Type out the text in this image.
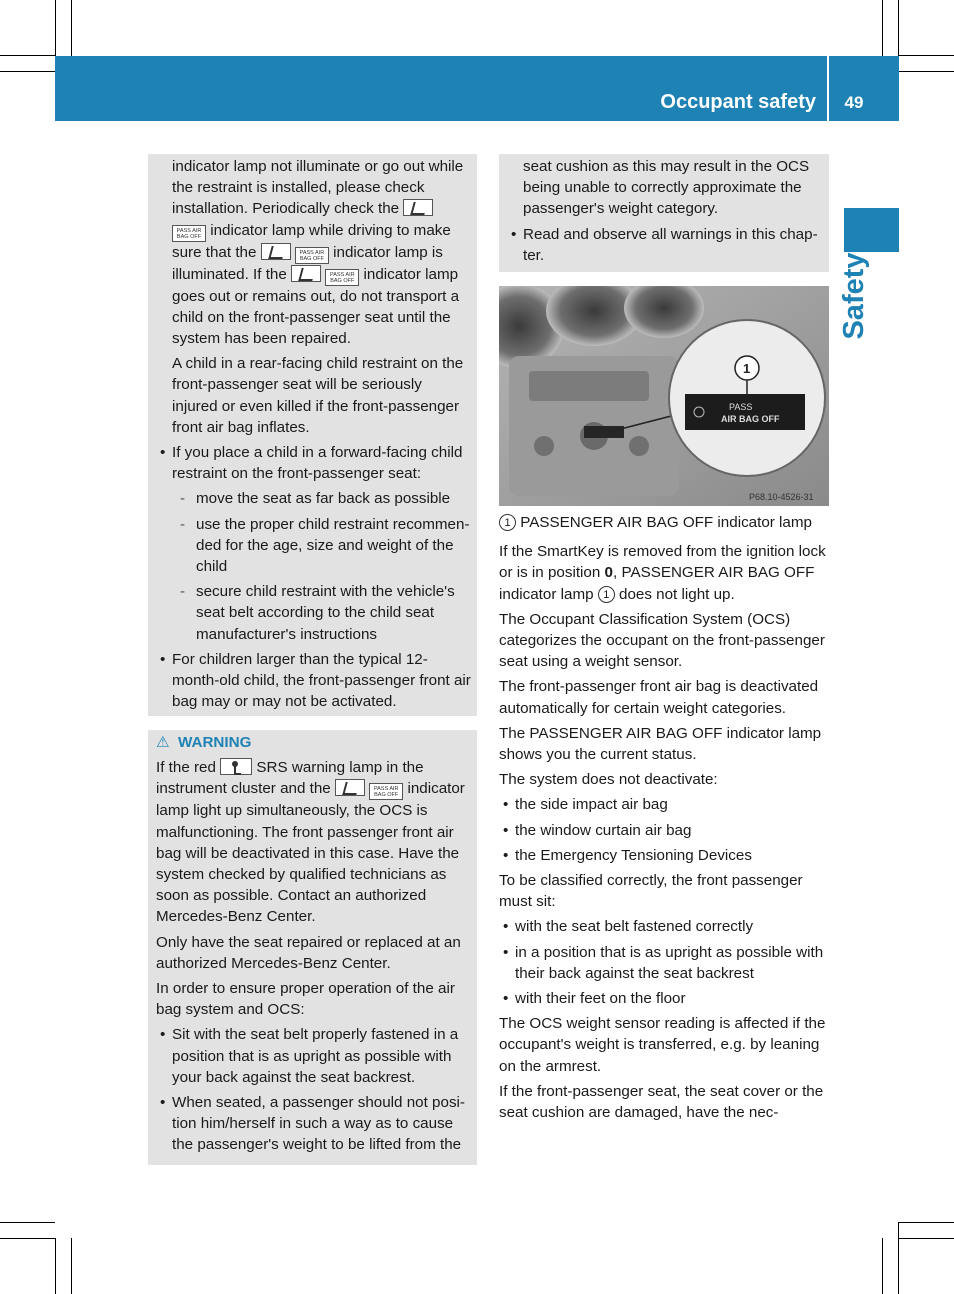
Occupant safety	49
Safety

indicator lamp not illuminate or go out while the restraint is installed, please check installation. Periodically check the  PASS AIR BAG OFF indicator lamp while driving to make sure that the	PASS AIR BAG OFF indicator lamp is illuminated. If the	PASS AIR BAG OFF indicator lamp goes out or remains out, do not transport a child on the front-passenger seat until the system has been repaired.

A child in a rear-facing child restraint on the front-passenger seat will be seriously injured or even killed if the front-passenger front air bag inflates.

• If you place a child in a forward-facing child restraint on the front-passenger seat:
- move the seat as far back as possible
- use the proper child restraint recommended for the age, size and weight of the child
- secure child restraint with the vehicle's seat belt according to the child seat manufacturer's instructions
• For children larger than the typical 12-month-old child, the front-passenger front air bag may or may not be activated.

⚠ WARNING

If the red	SRS warning lamp in the instrument cluster and the	PASS AIR BAG OFF indicator lamp light up simultaneously, the OCS is malfunctioning. The front passenger front air bag will be deactivated in this case. Have the system checked by qualified technicians as soon as possible. Contact an authorized Mercedes-Benz Center.

Only have the seat repaired or replaced at an authorized Mercedes-Benz Center.

In order to ensure proper operation of the air bag system and OCS:

• Sit with the seat belt properly fastened in a position that is as upright as possible with your back against the seat backrest.
• When seated, a passenger should not position him/herself in such a way as to cause the passenger's weight to be lifted from the

seat cushion as this may result in the OCS being unable to correctly approximate the passenger's weight category.

• Read and observe all warnings in this chapter.
PASS
AIR BAG OFF
1
P68.10-4526-31

1 PASSENGER AIR BAG OFF indicator lamp

If the SmartKey is removed from the ignition lock or is in position 0, PASSENGER AIR BAG OFF indicator lamp 1 does not light up.

The Occupant Classification System (OCS) categorizes the occupant on the front-passenger seat using a weight sensor.

The front-passenger front air bag is deactivated automatically for certain weight categories.

The PASSENGER AIR BAG OFF indicator lamp shows you the current status.

The system does not deactivate:

• the side impact air bag
• the window curtain air bag
• the Emergency Tensioning Devices

To be classified correctly, the front passenger must sit:

• with the seat belt fastened correctly
• in a position that is as upright as possible with their back against the seat backrest
• with their feet on the floor

The OCS weight sensor reading is affected if the occupant's weight is transferred, e.g. by leaning on the armrest.

If the front-passenger seat, the seat cover or the seat cushion are damaged, have the nec-
